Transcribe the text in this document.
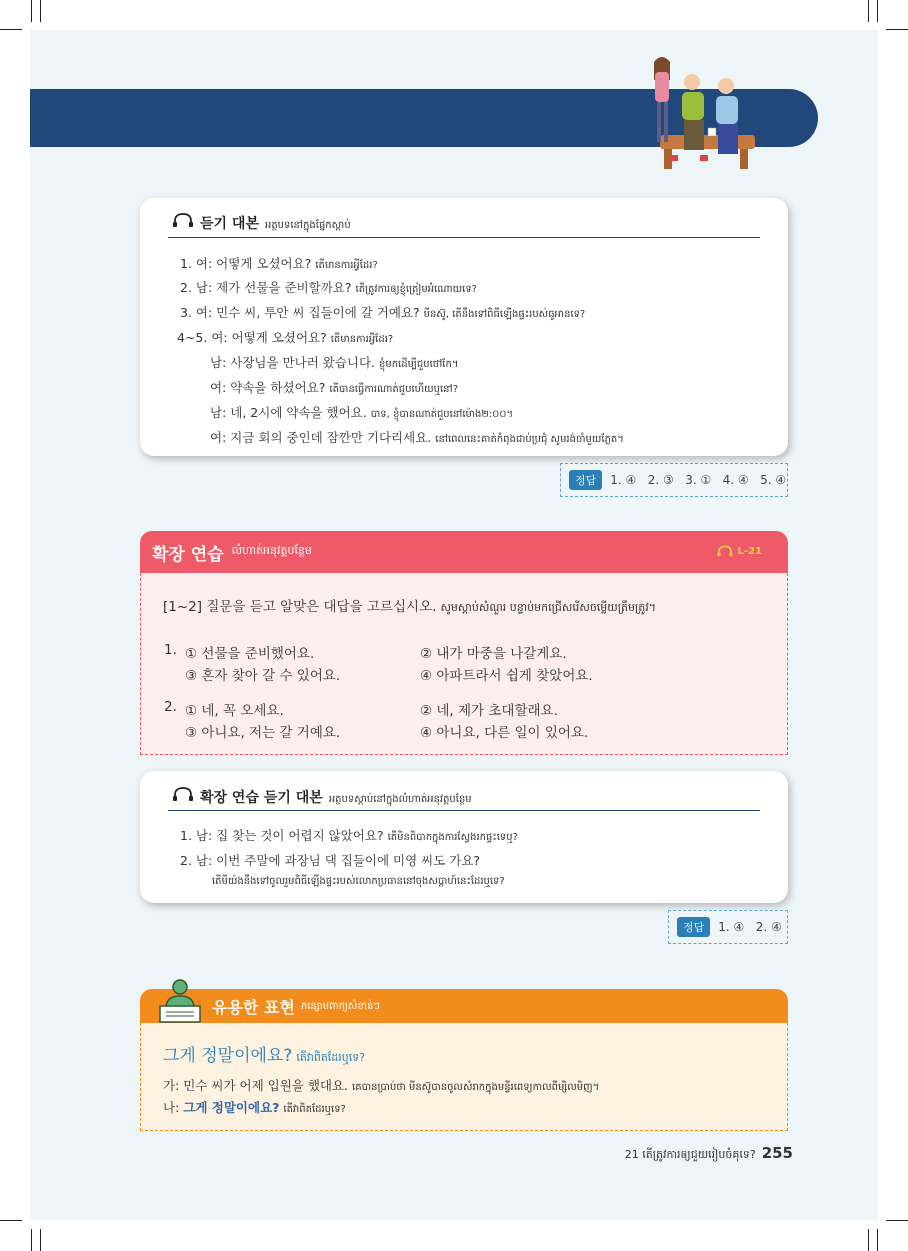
듣기 대본 អត្ថបទនៅក្នុងផ្នែកស្ដាប់
1. 여: 어떻게 오셨어요? តើមានការអ្វីដែរ?
2. 남: 제가 선물을 준비할까요? តើត្រូវការឲ្យខ្ញុំត្រៀមអំណោយទេ?
3. 여: 민수 씨, 투안 씨 집들이에 갈 거예요? មីនស៊ូ, តើនឹងទៅពិធីឡើងផ្ទះរបស់ធូអានទេ?
4~5. 여: 어떻게 오셨어요? តើមានការអ្វីដែរ?
남: 사장님을 만나러 왔습니다. ខ្ញុំមកដើម្បីជួបថៅកែ។
여: 약속을 하셨어요? តើបានធ្វើការណាត់ជួបហើយឬនៅ?
남: 네, 2시에 약속을 했어요. បាទ, ខ្ញុំបានណាត់ជួបនៅម៉ោង២:០០។
여: 지금 회의 중인데 잠깐만 기다리세요. នៅពេលនេះគាត់កំពុងជាប់ប្រជុំ សូមរង់ចាំមួយភ្លែត។
정답	1. ④   2. ③   3. ①   4. ④   5. ④
확장 연습 លំហាត់អនុវត្តបន្ថែម	L-21
[1~2] 질문을 듣고 알맞은 대답을 고르십시오. សូមស្ដាប់សំណួរ បន្ទាប់មកជ្រើសរើសចម្លើយត្រឹមត្រូវ។
1. ① 선물을 준비했어요.	② 내가 마중을 나갈게요.
③ 혼자 찾아 갈 수 있어요.	④ 아파트라서 쉽게 찾았어요.
2. ① 네, 꼭 오세요.	② 네, 제가 초대할래요.
③ 아니요, 저는 갈 거예요.	④ 아니요, 다른 일이 있어요.
확장 연습 듣기 대본 អត្ថបទស្ដាប់នៅក្នុងលំហាត់អនុវត្តបន្ថែម
1. 남: 집 찾는 것이 어렵지 않았어요? តើមិនពិបាកក្នុងការស្វែងរកផ្ទះទេឬ?
2. 남: 이번 주말에 과장님 댁 집들이에 미영 씨도 가요?
តើមីយ៉ងនឹងទៅចូលរួមពិធីឡើងផ្ទះរបស់លោកប្រធាននៅចុងសប្ដាហ៍នេះដែរឬទេ?
정답	1. ④   2. ④
유용한 표현 កន្សោមពាក្យសំខាន់ៗ
그게 정말이에요? តើវាពិតដែរឬទេ?
가: 민수 씨가 어제 입원을 했대요. គេបានប្រាប់ថា មីនស៊ូបានចូលសំរាកក្នុងមន្ទីរពេទ្យកាលពីម្សិលមិញ។
나: 그게 정말이에요? តើវាពិតដែរឬទេ?
21 តើត្រូវការឲ្យជួយរៀបចំគុទេ? 255
